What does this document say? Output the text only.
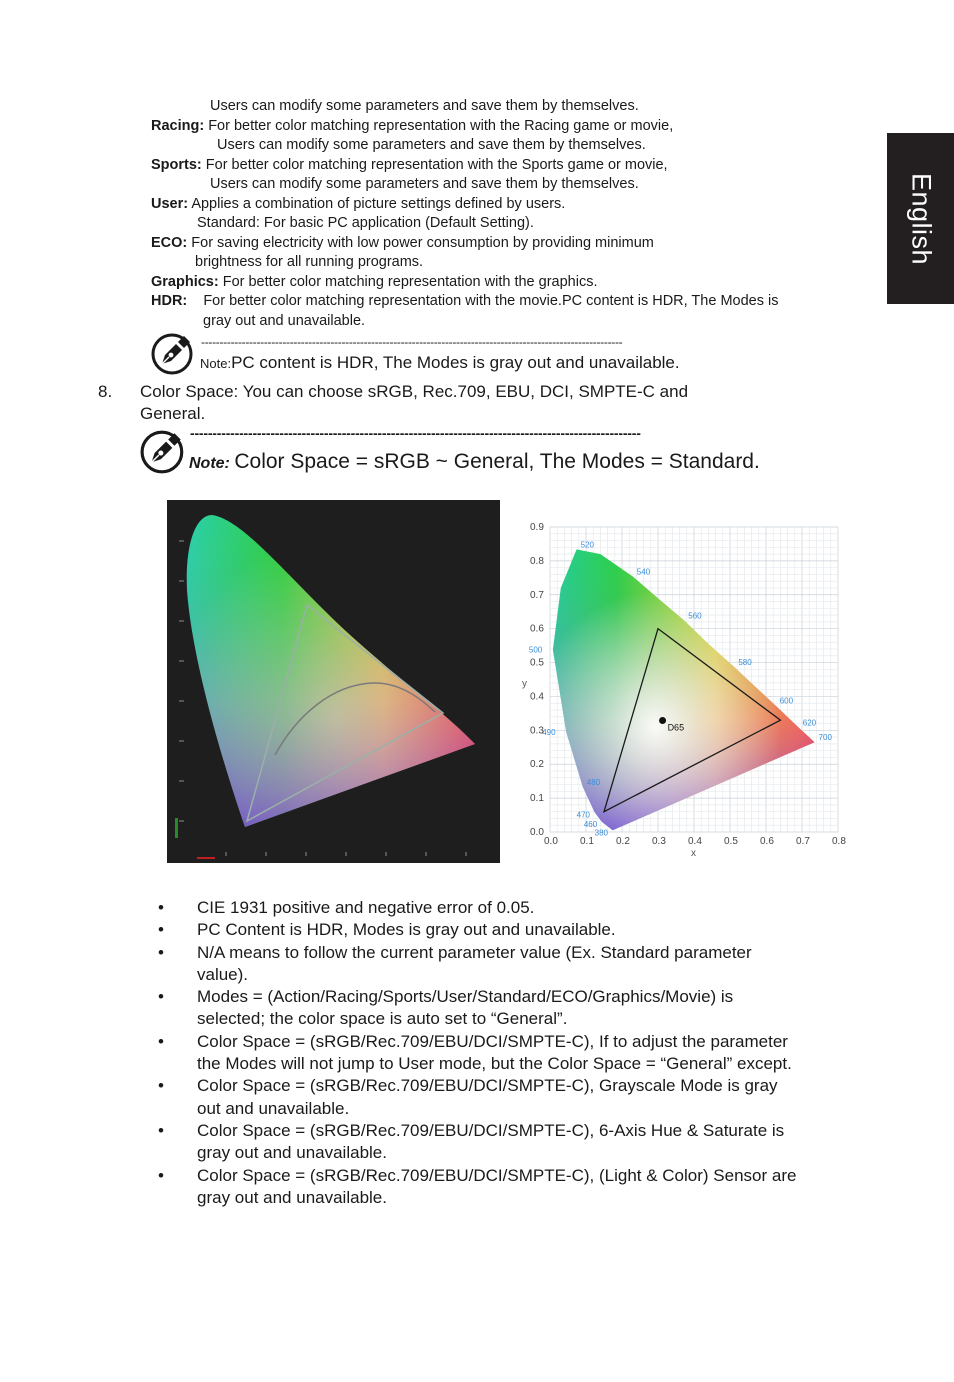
English
Users can modify some parameters and save them by themselves.
Racing: For better color matching representation with the Racing game or movie,
Users can modify some parameters and save them by themselves.
Sports: For better color matching representation with the Sports game or movie,
Users can modify some parameters and save them by themselves.
User: Applies a combination of picture settings defined by users.
Standard: For basic PC application (Default Setting).
ECO: For saving electricity with low power consumption by providing minimum
brightness for all running programs.
Graphics: For better color matching representation with the graphics.
HDR: For better color matching representation with the movie.PC content is HDR, The Modes is
gray out and unavailable.
------------------------------------------------------------------------------------------------------------------
Note:PC content is HDR, The Modes is gray out and unavailable.
8. Color Space: You can choose sRGB, Rec.709, EBU, DCI, SMPTE-C and
General.
-----------------------------------------------------------------------------------------------------
Note: Color Space = sRGB ~ General, The Modes = Standard.
D65
520
540
560
580
600
620
700
500
490
480
470
460
380
0.0 0.1 0.2 0.3 0.4 0.5 0.6 0.7 0.8
0.0
0.1
0.2
0.3
0.4
0.5
0.6
0.7
0.8
0.9
x
y
• CIE 1931 positive and negative error of 0.05.
• PC Content is HDR, Modes is gray out and unavailable.
• N/A means to follow the current parameter value (Ex. Standard parameter
value).
• Modes = (Action/Racing/Sports/User/Standard/ECO/Graphics/Movie) is
selected; the color space is auto set to “General”.
• Color Space = (sRGB/Rec.709/EBU/DCI/SMPTE-C), If to adjust the parameter
the Modes will not jump to User mode, but the Color Space = “General” except.
• Color Space = (sRGB/Rec.709/EBU/DCI/SMPTE-C), Grayscale Mode is gray
out and unavailable.
• Color Space = (sRGB/Rec.709/EBU/DCI/SMPTE-C), 6-Axis Hue & Saturate is
gray out and unavailable.
• Color Space = (sRGB/Rec.709/EBU/DCI/SMPTE-C), (Light & Color) Sensor are
gray out and unavailable.
